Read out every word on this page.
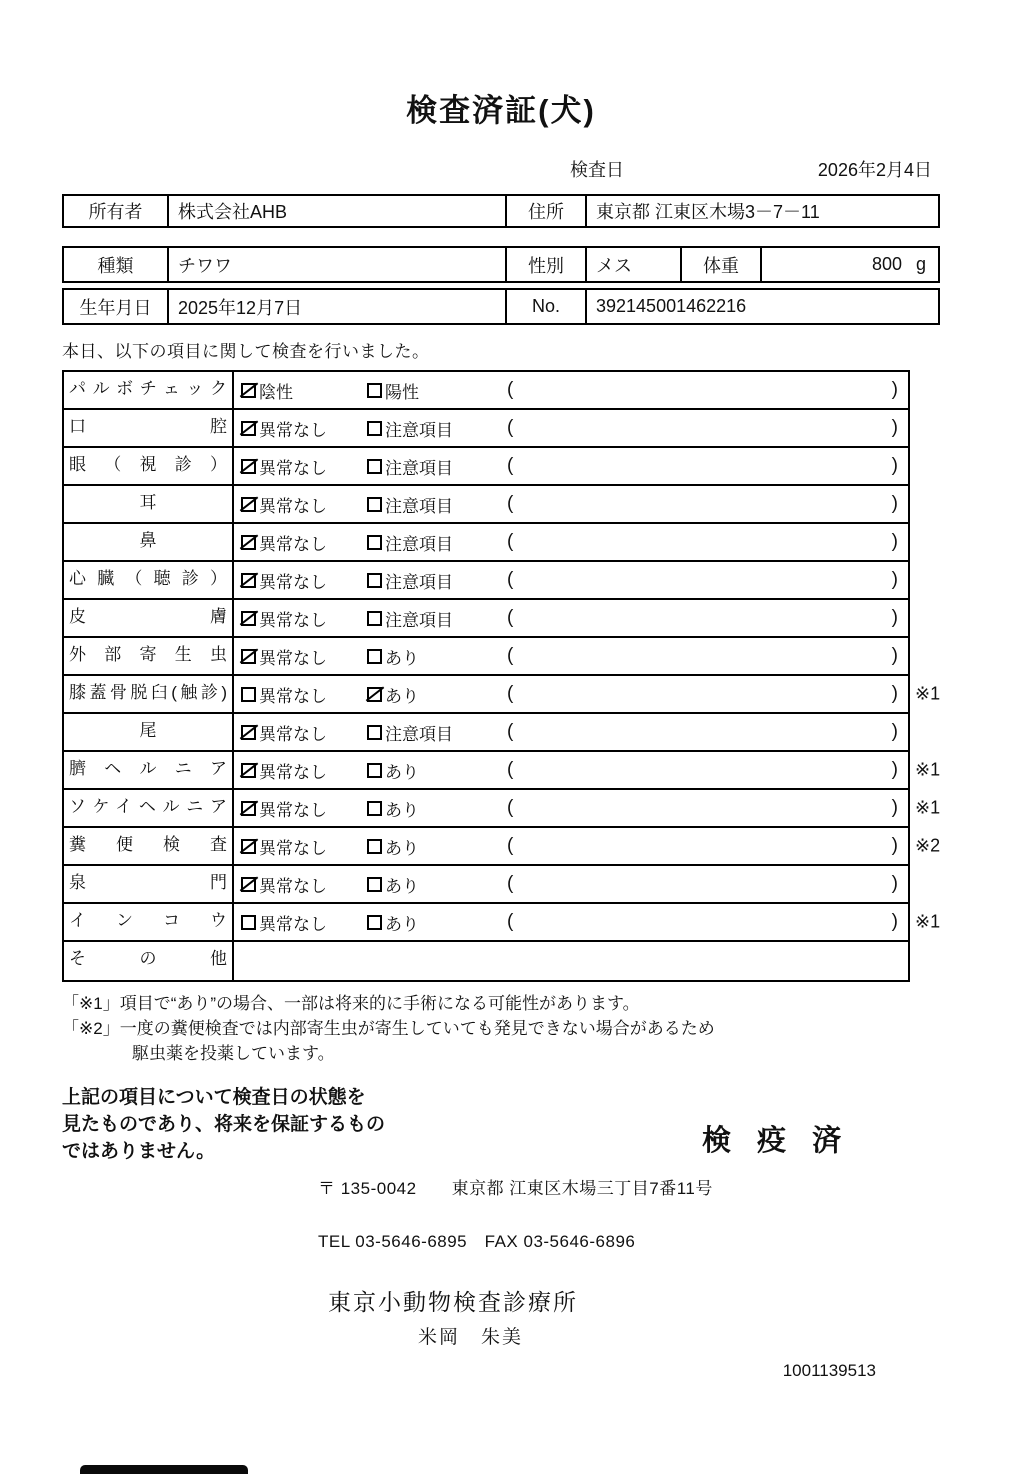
検査済証(犬)
検査日	2026年2月4日
所有者	株式会社AHB	住所	東京都 江東区木場3－7－11
種類	チワワ	性別	メス	体重	800 g
生年月日	2025年12月7日	No.	392145001462216
本日、以下の項目に関して検査を行いました。
パルボチェック	陰性	陽性	(	)
口腔	異常なし	注意項目	(	)
眼（視診）	異常なし	注意項目	(	)
耳	異常なし	注意項目	(	)
鼻	異常なし	注意項目	(	)
心臓（聴診）	異常なし	注意項目	(	)
皮膚	異常なし	注意項目	(	)
外部寄生虫	異常なし	あり	(	)
膝蓋骨脱臼(触診)	異常なし	あり	(	) ※1
尾	異常なし	注意項目	(	)
臍ヘルニア	異常なし	あり	(	) ※1
ソケイヘルニア	異常なし	あり	(	) ※1
糞便検査	異常なし	あり	(	) ※2
泉門	異常なし	あり	(	)
インコウ	異常なし	あり	(	) ※1
その他
「※1」項目で“あり”の場合、一部は将来的に手術になる可能性があります。
「※2」一度の糞便検査では内部寄生虫が寄生していても発見できない場合があるため
駆虫薬を投薬しています。
上記の項目について検査日の状態を
見たものであり、将来を保証するもの
ではありません。	検 疫 済
〒 135-0042　　東京都 江東区木場三丁目7番11号
TEL 03-5646-6895　FAX 03-5646-6896
東京小動物検査診療所
米岡　朱美
1001139513
